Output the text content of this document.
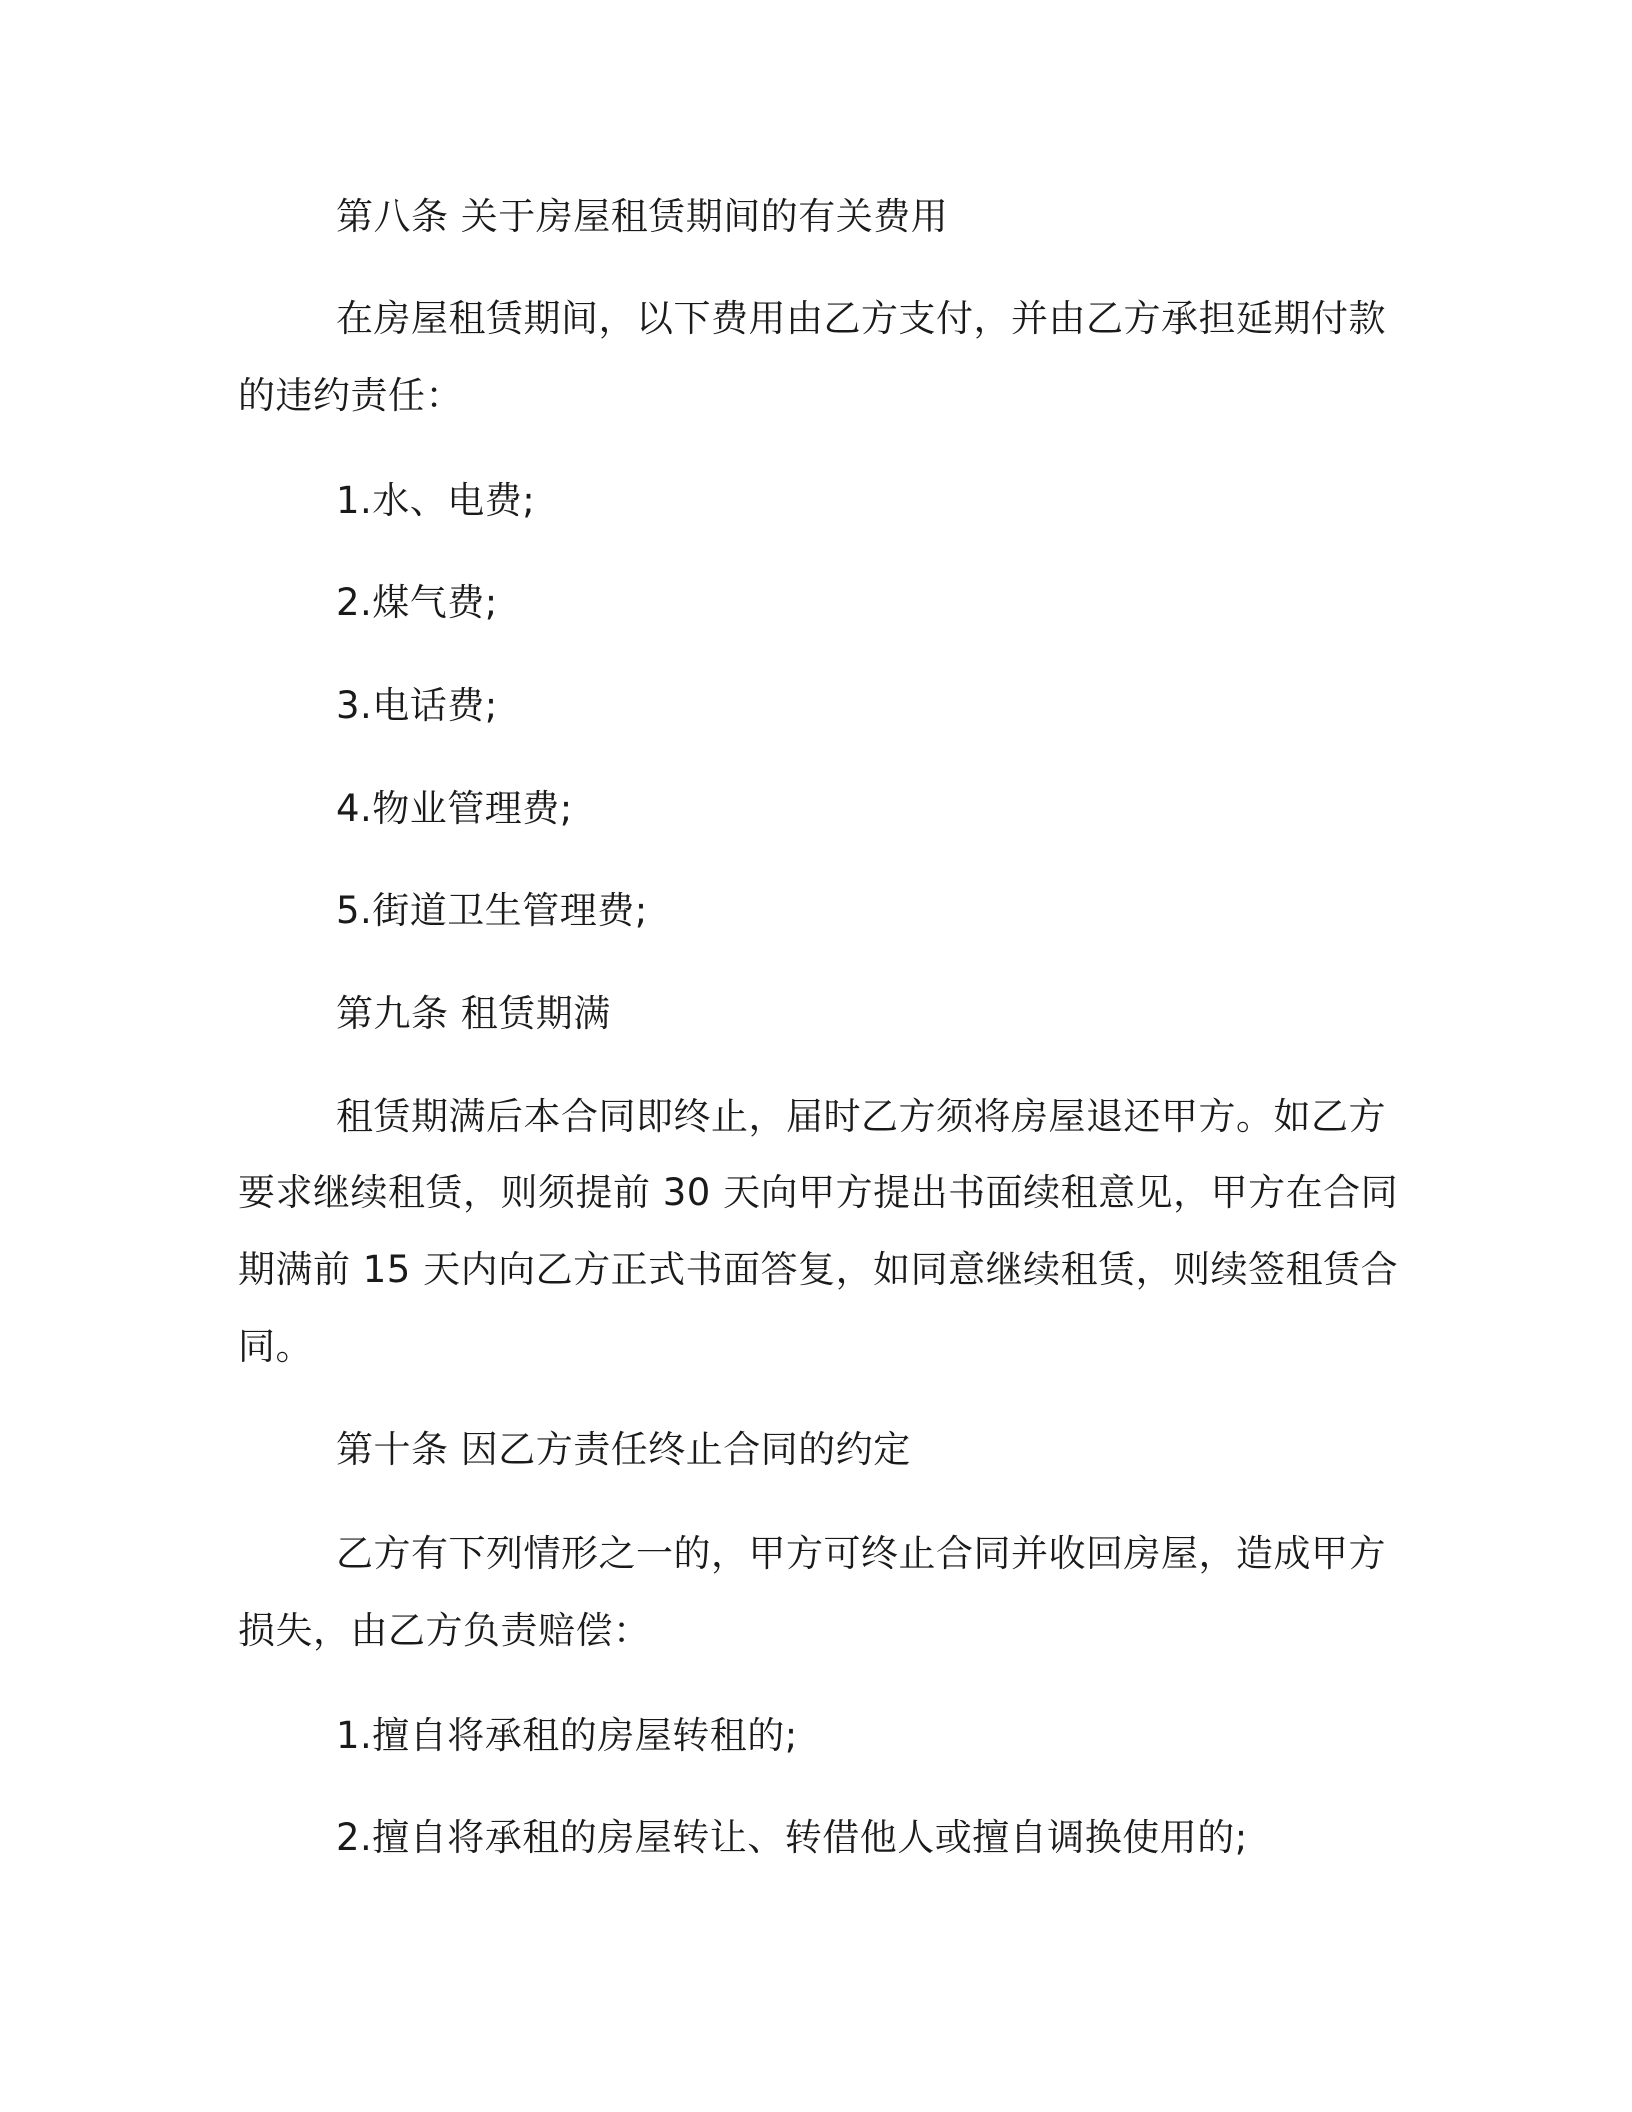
第八条 关于房屋租赁期间的有关费用
在房屋租赁期间，以下费用由乙方支付，并由乙方承担延期付款
的违约责任：
1.水、电费;
2.煤气费;
3.电话费;
4.物业管理费;
5.街道卫生管理费;
第九条 租赁期满
租赁期满后本合同即终止，届时乙方须将房屋退还甲方。如乙方
要求继续租赁，则须提前 30 天向甲方提出书面续租意见，甲方在合同
期满前 15 天内向乙方正式书面答复，如同意继续租赁，则续签租赁合
同。
第十条 因乙方责任终止合同的约定
乙方有下列情形之一的，甲方可终止合同并收回房屋，造成甲方
损失，由乙方负责赔偿：
1.擅自将承租的房屋转租的;
2.擅自将承租的房屋转让、转借他人或擅自调换使用的;
